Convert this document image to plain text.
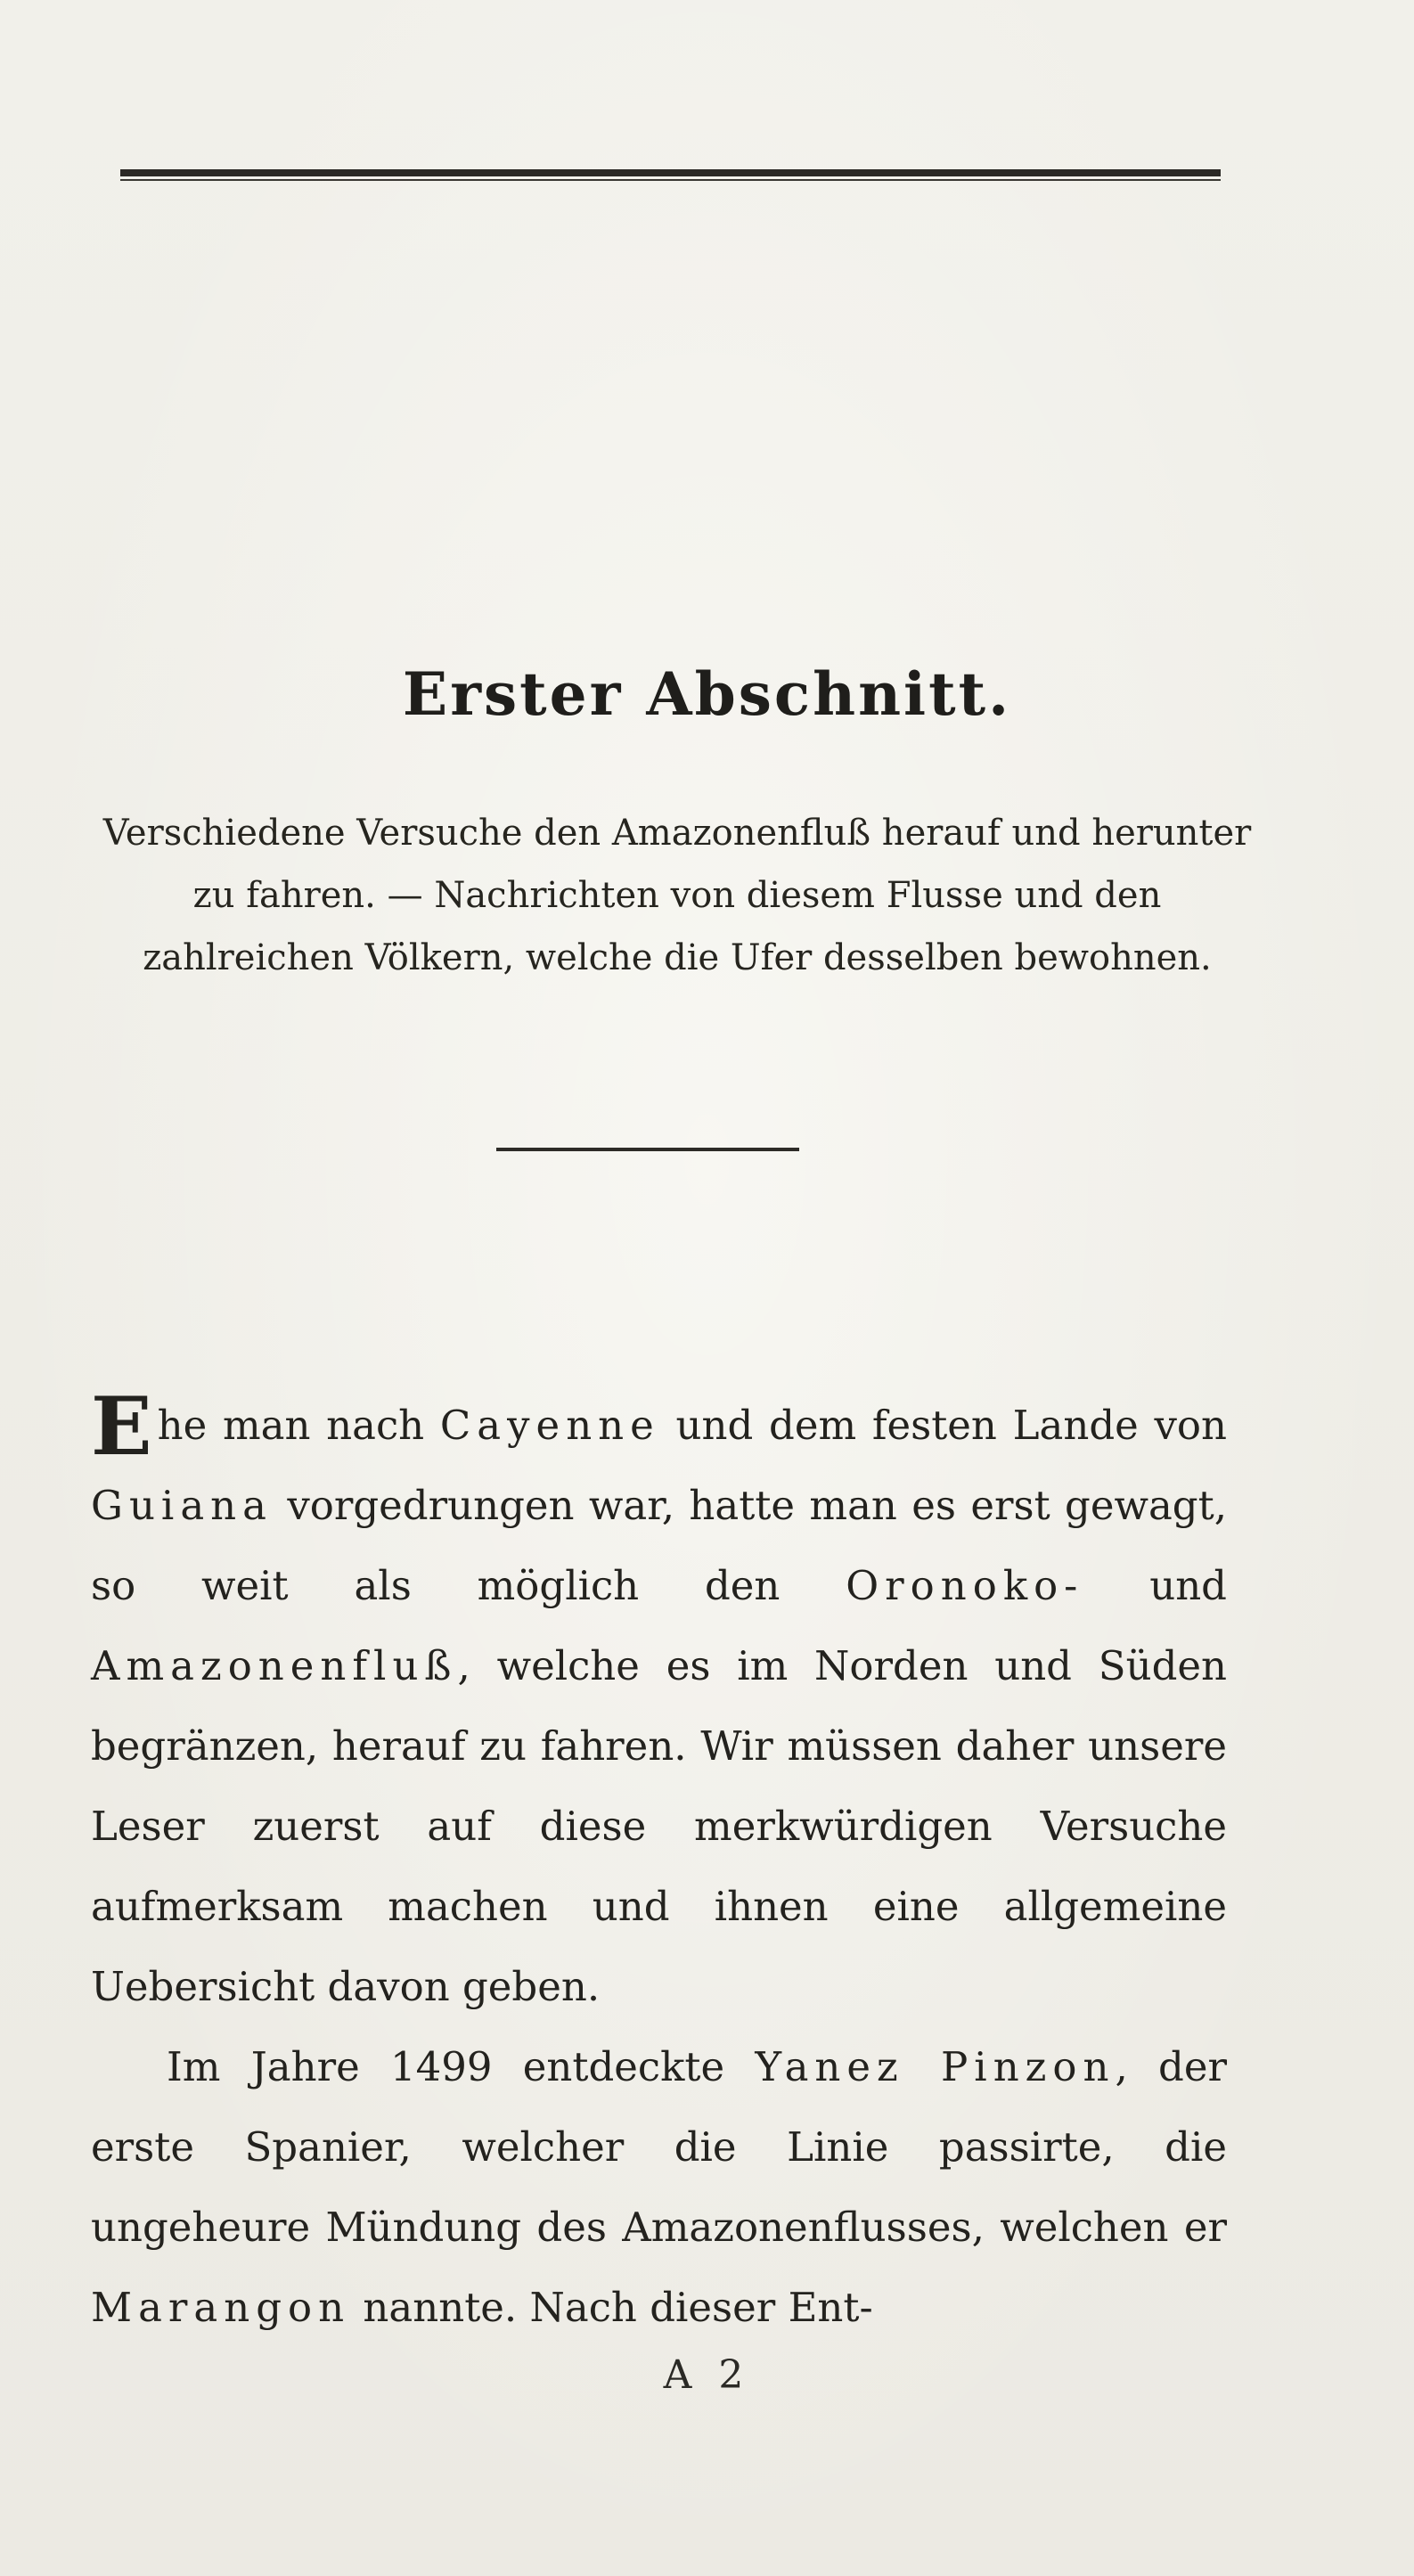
Erster Abschnitt.
Verschiedene Versuche den Amazonenfluß herauf und herunter zu fahren. — Nachrichten von diesem Flusse und den zahlreichen Völkern, welche die Ufer desselben bewohnen.

Ehe man nach Cayenne und dem festen Lande von Guiana vorgedrungen war, hatte man es erst gewagt, so weit als möglich den Oronoko- und Amazonenfluß, welche es im Norden und Süden begränzen, herauf zu fahren. Wir müssen daher unsere Leser zuerst auf diese merkwürdigen Versuche aufmerksam machen und ihnen eine allgemeine Uebersicht davon geben.

Im Jahre 1499 entdeckte Yanez Pinzon, der erste Spanier, welcher die Linie passirte, die ungeheure Mündung des Amazonenflusses, welchen er Marangon nannte. Nach dieser Ent-

A 2
